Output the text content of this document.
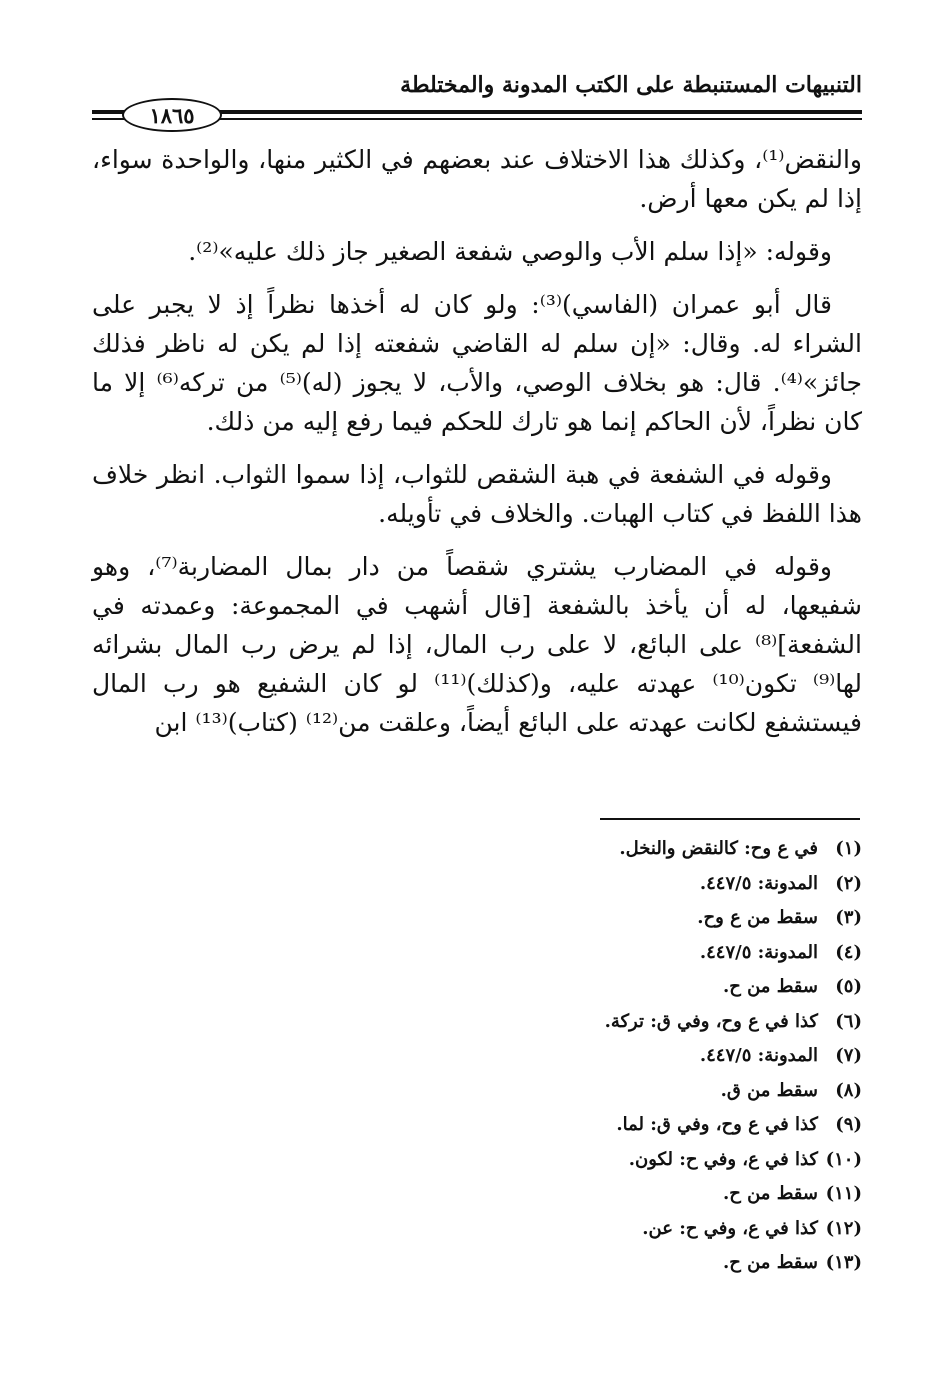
التنبيهات المستنبطة على الكتب المدونة والمختلطة
١٨٦٥

والنقض⁽¹⁾، وكذلك هذا الاختلاف عند بعضهم في الكثير منها، والواحدة سواء، إذا لم يكن معها أرض.

وقوله: «إذا سلم الأب والوصي شفعة الصغير جاز ذلك عليه»⁽²⁾.

قال أبو عمران (الفاسي)⁽³⁾: ولو كان له أخذها نظراً إذ لا يجبر على الشراء له. وقال: «إن سلم له القاضي شفعته إذا لم يكن له ناظر فذلك جائز»⁽⁴⁾. قال: هو بخلاف الوصي، والأب، لا يجوز (له)⁽⁵⁾ من تركه⁽⁶⁾ إلا ما كان نظراً، لأن الحاكم إنما هو تارك للحكم فيما رفع إليه من ذلك.

وقوله في الشفعة في هبة الشقص للثواب، إذا سموا الثواب. انظر خلاف هذا اللفظ في كتاب الهبات. والخلاف في تأويله.

وقوله في المضارب يشتري شقصاً من دار بمال المضاربة⁽⁷⁾، وهو شفيعها، له أن يأخذ بالشفعة [قال أشهب في المجموعة: وعمدته في الشفعة]⁽⁸⁾ على البائع، لا على رب المال، إذا لم يرض رب المال بشرائه لها⁽⁹⁾ تكون⁽¹⁰⁾ عهدته عليه، و(كذلك)⁽¹¹⁾ لو كان الشفيع هو رب المال فيستشفع لكانت عهدته على البائع أيضاً، وعلقت من⁽¹²⁾ (كتاب)⁽¹³⁾ ابن

(١)في ع وح: كالنقض والنخل.
(٢)المدونة: ٤٤٧/٥.
(٣)سقط من ع وح.
(٤)المدونة: ٤٤٧/٥.
(٥)سقط من ح.
(٦)كذا في ع وح، وفي ق: تركة.
(٧)المدونة: ٤٤٧/٥.
(٨)سقط من ق.
(٩)كذا في ع وح، وفي ق: لما.
(١٠)كذا في ع، وفي ح: لكون.
(١١)سقط من ح.
(١٢)كذا في ع، وفي ح: عن.
(١٣)سقط من ح.
